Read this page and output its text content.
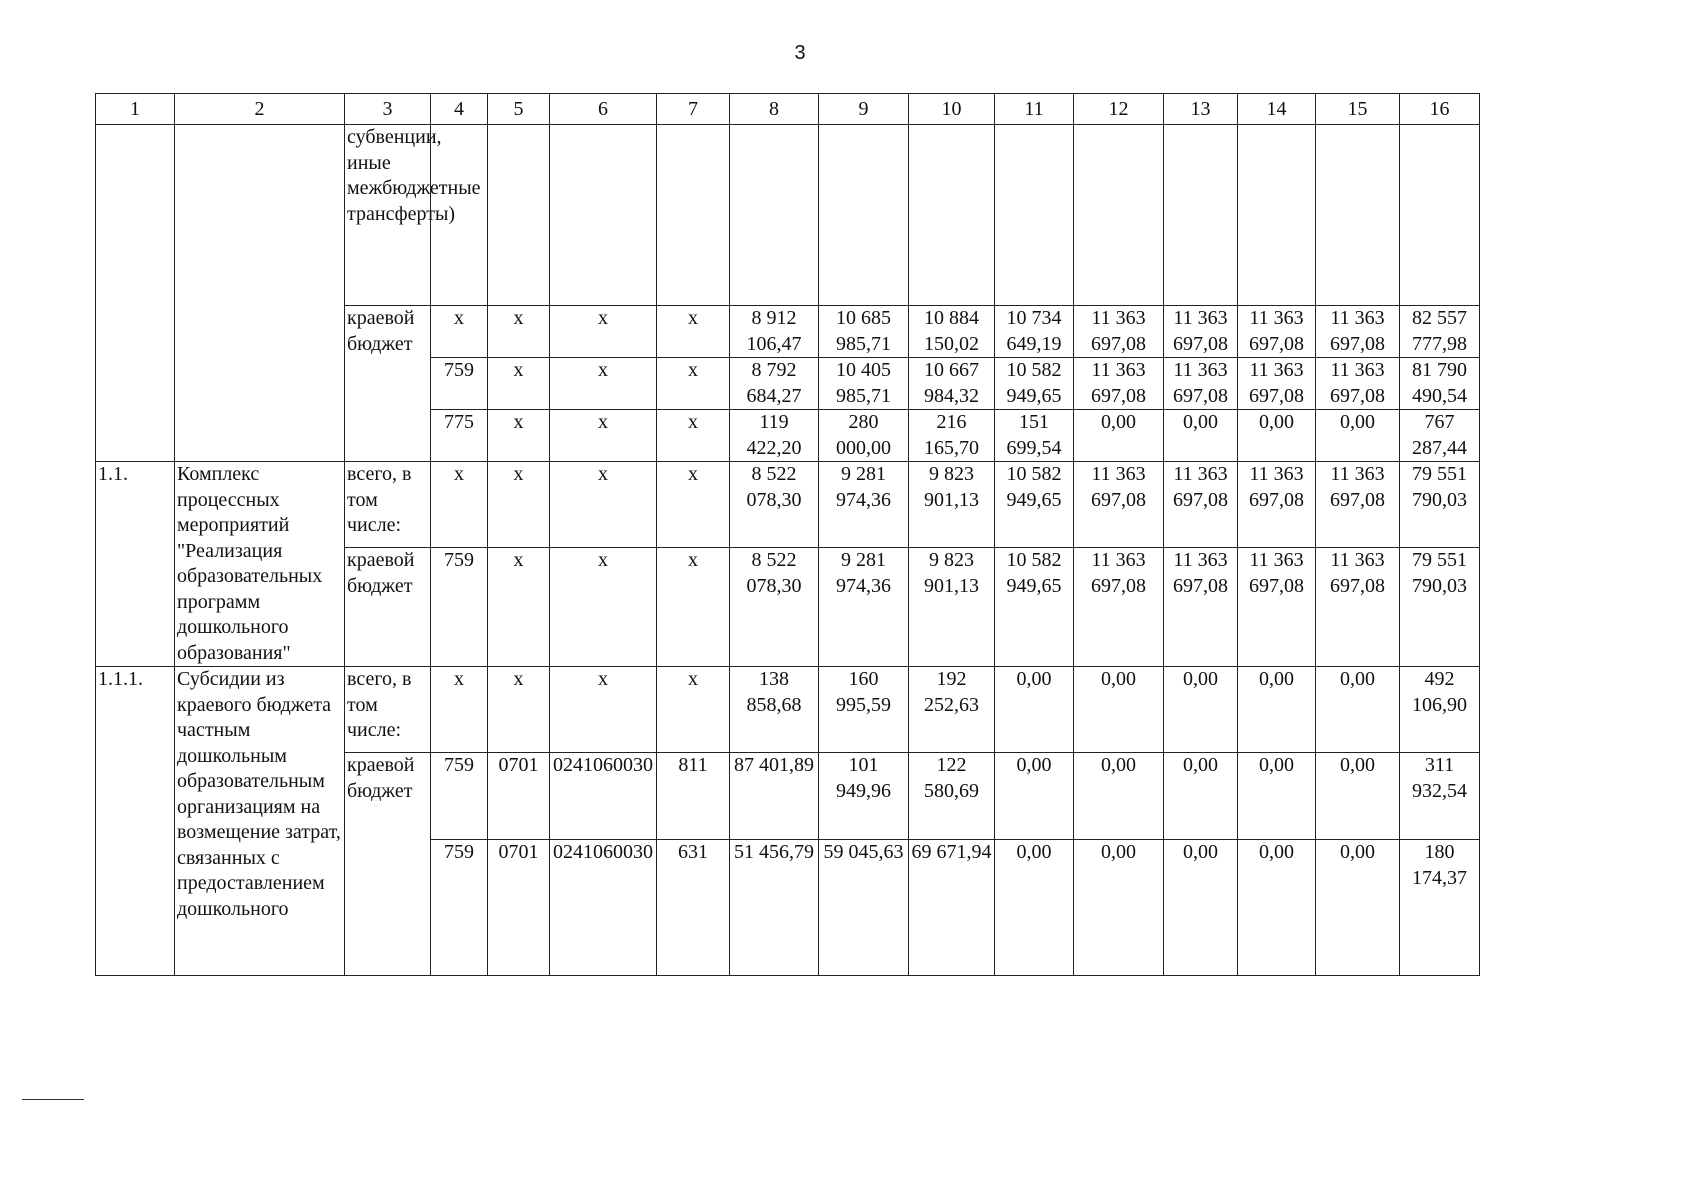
3
1	2	3	4	5	6	7	8	9	10	11	12	13	14	15	16
		субвенции, иные межбюджетные трансферты)													
		краевой бюджет	х	х	х	х	8 912 106,47	10 685 985,71	10 884 150,02	10 734 649,19	11 363 697,08	11 363 697,08	11 363 697,08	11 363 697,08	82 557 777,98
			759	х	х	х	8 792 684,27	10 405 985,71	10 667 984,32	10 582 949,65	11 363 697,08	11 363 697,08	11 363 697,08	11 363 697,08	81 790 490,54
			775	х	х	х	119 422,20	280 000,00	216 165,70	151 699,54	0,00	0,00	0,00	0,00	767 287,44
1.1.	Комплекс процессных мероприятий "Реализация образовательных программ дошкольного образования"	всего, в том числе:	х	х	х	х	8 522 078,30	9 281 974,36	9 823 901,13	10 582 949,65	11 363 697,08	11 363 697,08	11 363 697,08	11 363 697,08	79 551 790,03
		краевой бюджет	759	х	х	х	8 522 078,30	9 281 974,36	9 823 901,13	10 582 949,65	11 363 697,08	11 363 697,08	11 363 697,08	11 363 697,08	79 551 790,03
1.1.1.	Субсидии из краевого бюджета частным дошкольным образовательным организациям на возмещение затрат, связанных с предоставлением дошкольного	всего, в том числе:	х	х	х	х	138 858,68	160 995,59	192 252,63	0,00	0,00	0,00	0,00	0,00	492 106,90
		краевой бюджет	759	0701	0241060030	811	87 401,89	101 949,96	122 580,69	0,00	0,00	0,00	0,00	0,00	311 932,54
			759	0701	0241060030	631	51 456,79	59 045,63	69 671,94	0,00	0,00	0,00	0,00	0,00	180 174,37
